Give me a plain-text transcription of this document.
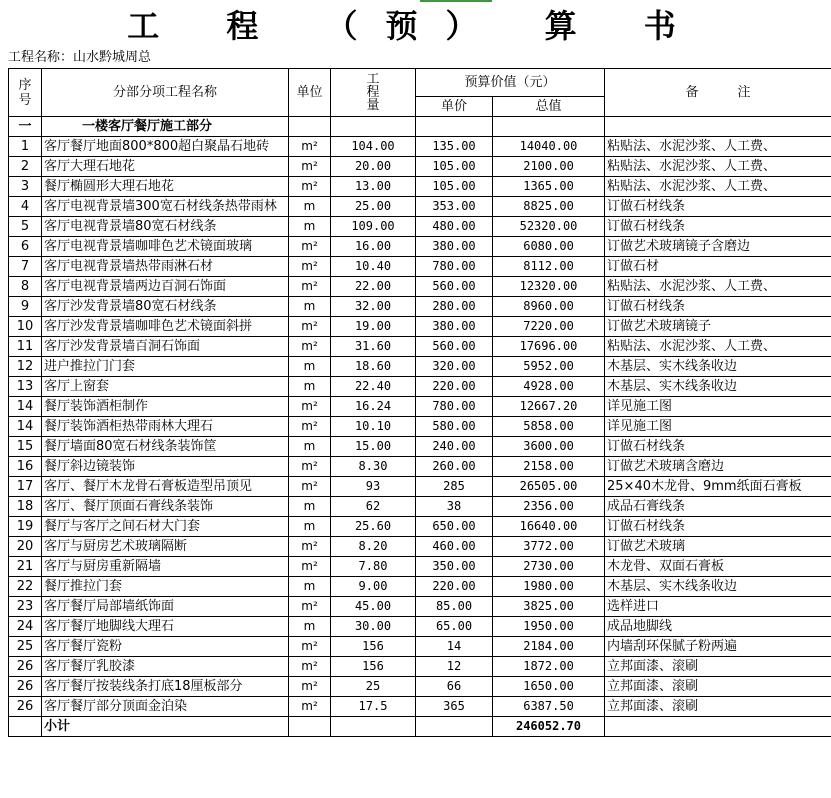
工 程 （预） 算 书
工程名称：山水黔城周总
序号	分部分项工程名称	单位	工程量	预算价值（元）		备　　　注
				单价	总值	
一	一楼客厅餐厅施工部分					
1	客厅餐厅地面800*800超白聚晶石地砖	m²	104.00	135.00	14040.00	粘贴法、水泥沙浆、人工费、
2	客厅大理石地花	m²	20.00	105.00	2100.00	粘贴法、水泥沙浆、人工费、
3	餐厅椭圆形大理石地花	m²	13.00	105.00	1365.00	粘贴法、水泥沙浆、人工费、
4	客厅电视背景墙300宽石材线条热带雨林	m	25.00	353.00	8825.00	订做石材线条
5	客厅电视背景墙80宽石材线条	m	109.00	480.00	52320.00	订做石材线条
6	客厅电视背景墙咖啡色艺术镜面玻璃	m²	16.00	380.00	6080.00	订做艺术玻璃镜子含磨边
7	客厅电视背景墙热带雨淋石材	m²	10.40	780.00	8112.00	订做石材
8	客厅电视背景墙两边百洞石饰面	m²	22.00	560.00	12320.00	粘贴法、水泥沙浆、人工费、
9	客厅沙发背景墙80宽石材线条	m	32.00	280.00	8960.00	订做石材线条
10	客厅沙发背景墙咖啡色艺术镜面斜拼	m²	19.00	380.00	7220.00	订做艺术玻璃镜子
11	客厅沙发背景墙百洞石饰面	m²	31.60	560.00	17696.00	粘贴法、水泥沙浆、人工费、
12	进户推拉门门套	m	18.60	320.00	5952.00	木基层、实木线条收边
13	客厅上窗套	m	22.40	220.00	4928.00	木基层、实木线条收边
14	餐厅装饰酒柜制作	m²	16.24	780.00	12667.20	详见施工图
14	餐厅装饰酒柜热带雨林大理石	m²	10.10	580.00	5858.00	详见施工图
15	餐厅墙面80宽石材线条装饰筐	m	15.00	240.00	3600.00	订做石材线条
16	餐厅斜边镜装饰	m²	8.30	260.00	2158.00	订做艺术玻璃含磨边
17	客厅、餐厅木龙骨石膏板造型吊顶见	m²	93	285	26505.00	25×40木龙骨、9mm纸面石膏板
18	客厅、餐厅顶面石膏线条装饰	m	62	38	2356.00	成品石膏线条
19	餐厅与客厅之间石材大门套	m	25.60	650.00	16640.00	订做石材线条
20	客厅与厨房艺术玻璃隔断	m²	8.20	460.00	3772.00	订做艺术玻璃
21	客厅与厨房重新隔墙	m²	7.80	350.00	2730.00	木龙骨、双面石膏板
22	餐厅推拉门套	m	9.00	220.00	1980.00	木基层、实木线条收边
23	客厅餐厅局部墙纸饰面	m²	45.00	85.00	3825.00	选样进口
24	客厅餐厅地脚线大理石	m	30.00	65.00	1950.00	成品地脚线
25	客厅餐厅瓷粉	m²	156	14	2184.00	内墙刮环保腻子粉两遍
26	客厅餐厅乳胶漆	m²	156	12	1872.00	立邦面漆、滚刷
26	客厅餐厅按装线条打底18厘板部分	m²	25	66	1650.00	立邦面漆、滚刷
26	客厅餐厅部分顶面金泊染	m²	17.5	365	6387.50	立邦面漆、滚刷
	小计				246052.70	
